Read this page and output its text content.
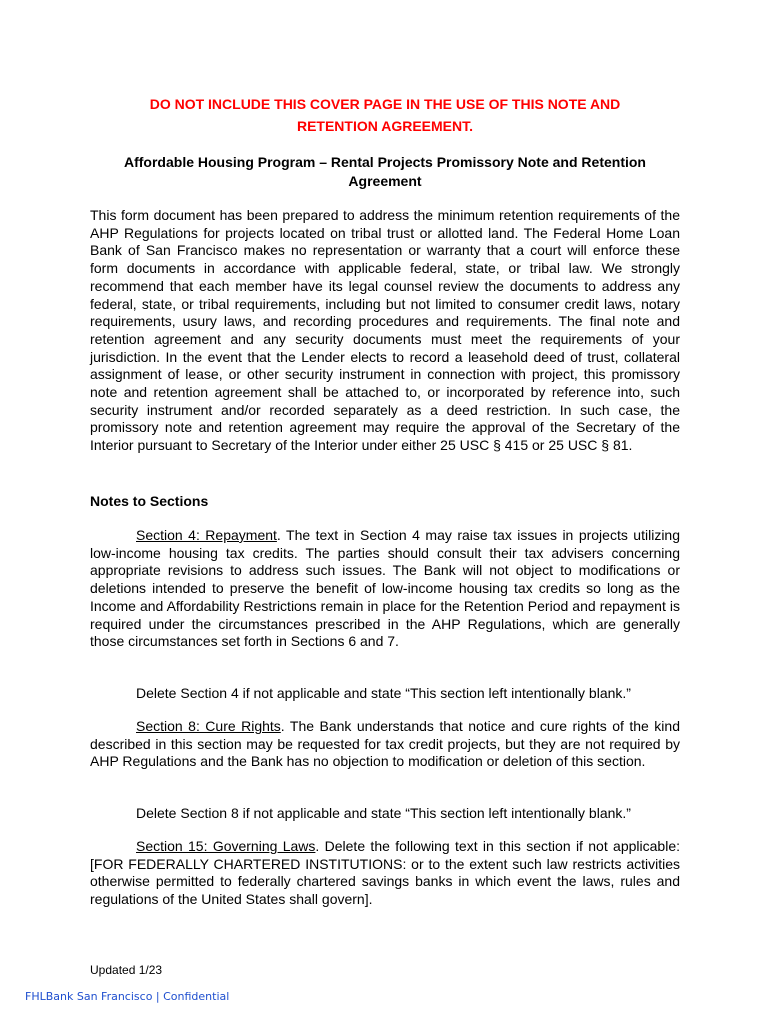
DO NOT INCLUDE THIS COVER PAGE IN THE USE OF THIS NOTE AND
RETENTION AGREEMENT.
Affordable Housing Program – Rental Projects Promissory Note and Retention
Agreement
This form document has been prepared to address the minimum retention requirements of the AHP Regulations for projects located on tribal trust or allotted land. The Federal Home Loan Bank of San Francisco makes no representation or warranty that a court will enforce these form documents in accordance with applicable federal, state, or tribal law. We strongly recommend that each member have its legal counsel review the documents to address any federal, state, or tribal requirements, including but not limited to consumer credit laws, notary requirements, usury laws, and recording procedures and requirements. The final note and retention agreement and any security documents must meet the requirements of your jurisdiction. In the event that the Lender elects to record a leasehold deed of trust, collateral assignment of lease, or other security instrument in connection with project, this promissory note and retention agreement shall be attached to, or incorporated by reference into, such security instrument and/or recorded separately as a deed restriction. In such case, the promissory note and retention agreement may require the approval of the Secretary of the Interior pursuant to Secretary of the Interior under either 25 USC § 415 or 25 USC § 81.
Notes to Sections

Section 4: Repayment. The text in Section 4 may raise tax issues in projects utilizing low-income housing tax credits. The parties should consult their tax advisers concerning appropriate revisions to address such issues. The Bank will not object to modifications or deletions intended to preserve the benefit of low-income housing tax credits so long as the Income and Affordability Restrictions remain in place for the Retention Period and repayment is required under the circumstances prescribed in the AHP Regulations, which are generally those circumstances set forth in Sections 6 and 7.

Delete Section 4 if not applicable and state “This section left intentionally blank.”

Section 8: Cure Rights. The Bank understands that notice and cure rights of the kind described in this section may be requested for tax credit projects, but they are not required by AHP Regulations and the Bank has no objection to modification or deletion of this section.

Delete Section 8 if not applicable and state “This section left intentionally blank.”

Section 15: Governing Laws. Delete the following text in this section if not applicable: [FOR FEDERALLY CHARTERED INSTITUTIONS: or to the extent such law restricts activities otherwise permitted to federally chartered savings banks in which event the laws, rules and regulations of the United States shall govern].

Updated 1/23
FHLBank San Francisco | Confidential
